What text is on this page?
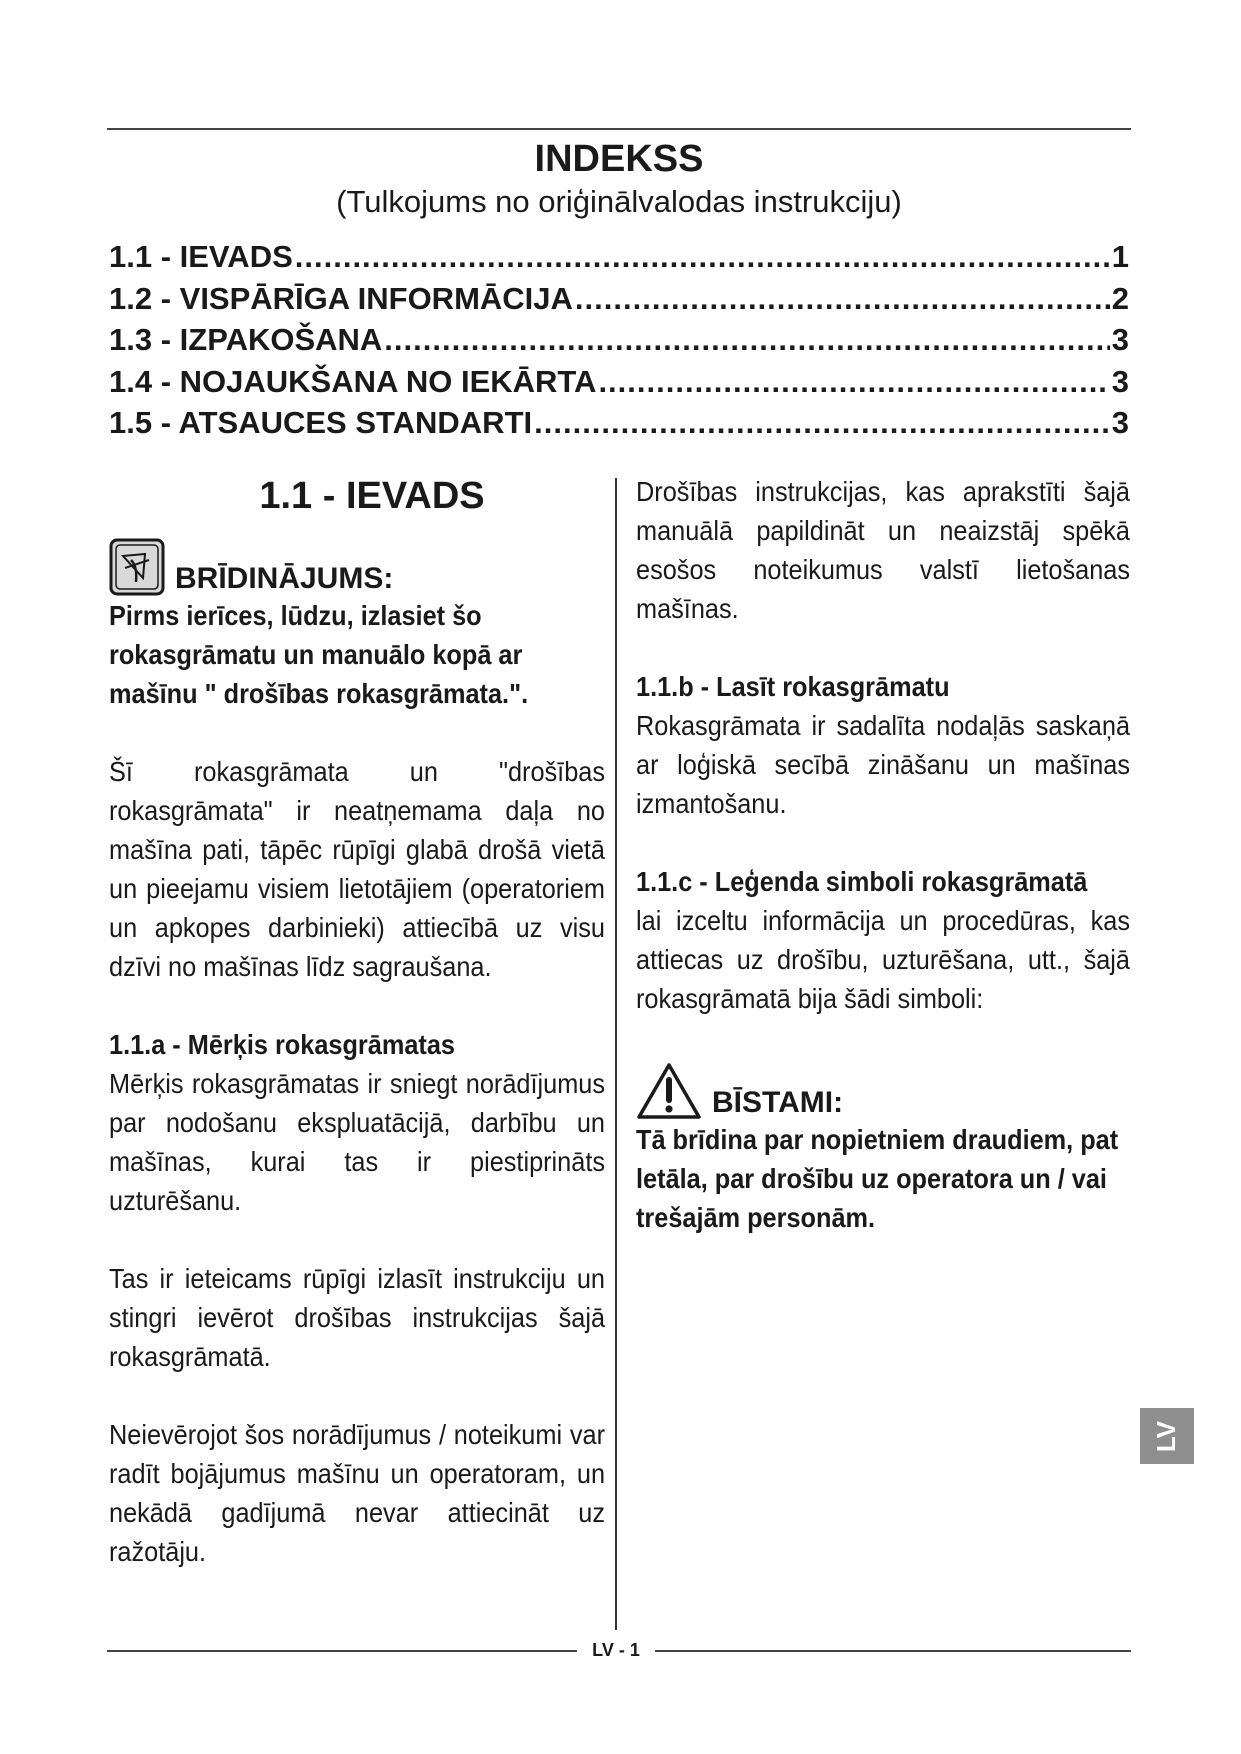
INDEKSS
(Tulkojums no oriģinālvalodas instrukciju)
1.1 - IEVADS .....	1
1.2 - VISPĀRĪGA INFORMĀCIJA .....	2
1.3 - IZPAKOŠANA .....	3
1.4 - NOJAUKŠANA NO IEKĀRTA .....	3
1.5 - ATSAUCES STANDARTI .....	3
1.1 - IEVADS
BRĪDINĀJUMS:

Pirms ierīces, lūdzu, izlasiet šo rokasgrāmatu un manuālo kopā ar mašīnu " drošības rokasgrāmata.".

Šī rokasgrāmata un "drošības rokasgrāmata" ir neatņemama daļa no mašīna pati, tāpēc rūpīgi glabā drošā vietā un pieejamu visiem lietotājiem (operatoriem un apkopes darbinieki) attiecībā uz visu dzīvi no mašīnas līdz sagraušana.

1.1.a - Mērķis rokasgrāmatas

Mērķis rokasgrāmatas ir sniegt norādījumus par nodošanu ekspluatācijā, darbību un mašīnas, kurai tas ir piestiprināts uzturēšanu.

Tas ir ieteicams rūpīgi izlasīt instrukciju un stingri ievērot drošības instrukcijas šajā rokasgrāmatā.

Neievērojot šos norādījumus / noteikumi var radīt bojājumus mašīnu un operatoram, un nekādā gadījumā nevar attiecināt uz ražotāju.

Drošības instrukcijas, kas aprakstīti šajā manuālā papildināt un neaizstāj spēkā esošos noteikumus valstī lietošanas mašīnas.

1.1.b - Lasīt rokasgrāmatu

Rokasgrāmata ir sadalīta nodaļās saskaņā ar loģiskā secībā zināšanu un mašīnas izmantošanu.

1.1.c - Leģenda simboli rokasgrāmatā

lai izceltu informācija un procedūras, kas attiecas uz drošību, uzturēšana, utt., šajā rokasgrāmatā bija šādi simboli:

BĪSTAMI:

Tā brīdina par nopietniem draudiem, pat letāla, par drošību uz operatora un / vai trešajām personām.

LV
LV - 1
